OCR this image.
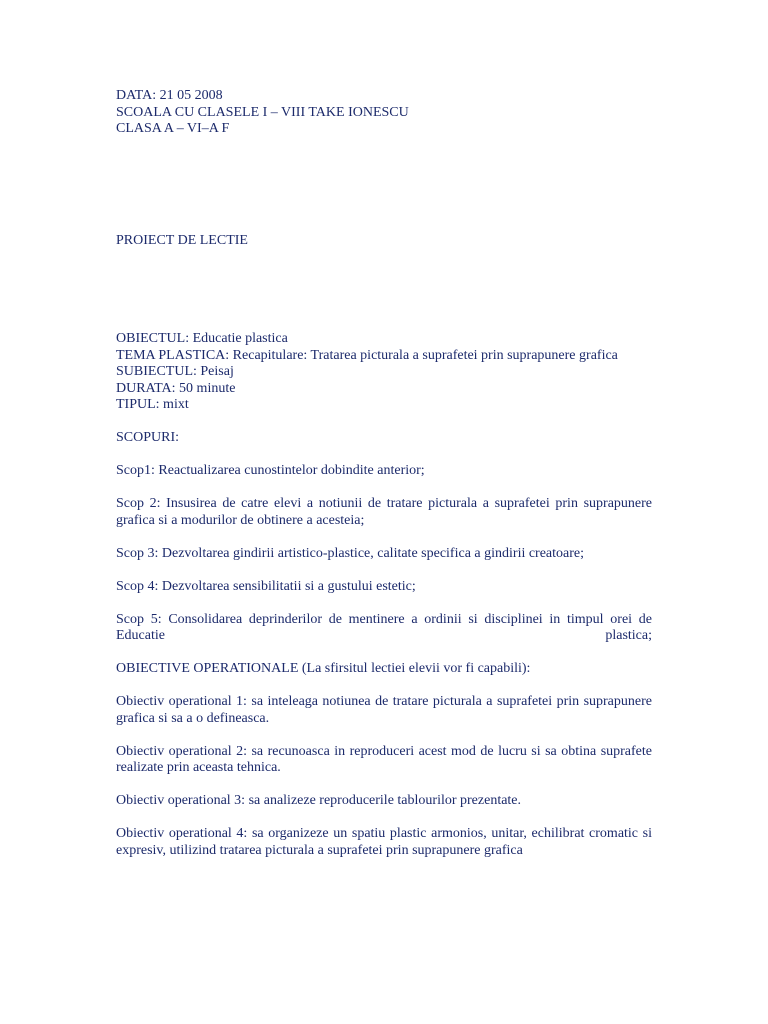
DATA: 21 05 2008
SCOALA CU CLASELE I – VIII TAKE IONESCU
CLASA A – VI–A F
PROIECT DE LECTIE
OBIECTUL: Educatie plastica
TEMA PLASTICA: Recapitulare: Tratarea picturala a suprafetei prin suprapunere grafica
SUBIECTUL: Peisaj
DURATA: 50 minute
TIPUL: mixt
SCOPURI:
Scop1: Reactualizarea cunostintelor dobindite anterior;
Scop 2: Insusirea de catre elevi a notiunii de tratare picturala a suprafetei prin suprapunere grafica si a modurilor de obtinere a acesteia;
Scop 3: Dezvoltarea gindirii artistico-plastice, calitate specifica a gindirii creatoare;
Scop 4: Dezvoltarea sensibilitatii si a gustului estetic;
Scop 5: Consolidarea deprinderilor de mentinere a ordinii si disciplinei in timpul orei de Educatie plastica;
OBIECTIVE OPERATIONALE (La sfirsitul lectiei elevii vor fi capabili):
Obiectiv operational 1: sa inteleaga notiunea de tratare picturala a suprafetei prin suprapunere grafica si sa a o defineasca.
Obiectiv operational 2: sa recunoasca in reproduceri acest mod de lucru si sa obtina suprafete realizate prin aceasta tehnica.
Obiectiv operational 3: sa analizeze reproducerile tablourilor prezentate.
Obiectiv operational 4: sa organizeze un spatiu plastic armonios, unitar, echilibrat cromatic si expresiv, utilizind tratarea picturala a suprafetei prin suprapunere grafica
